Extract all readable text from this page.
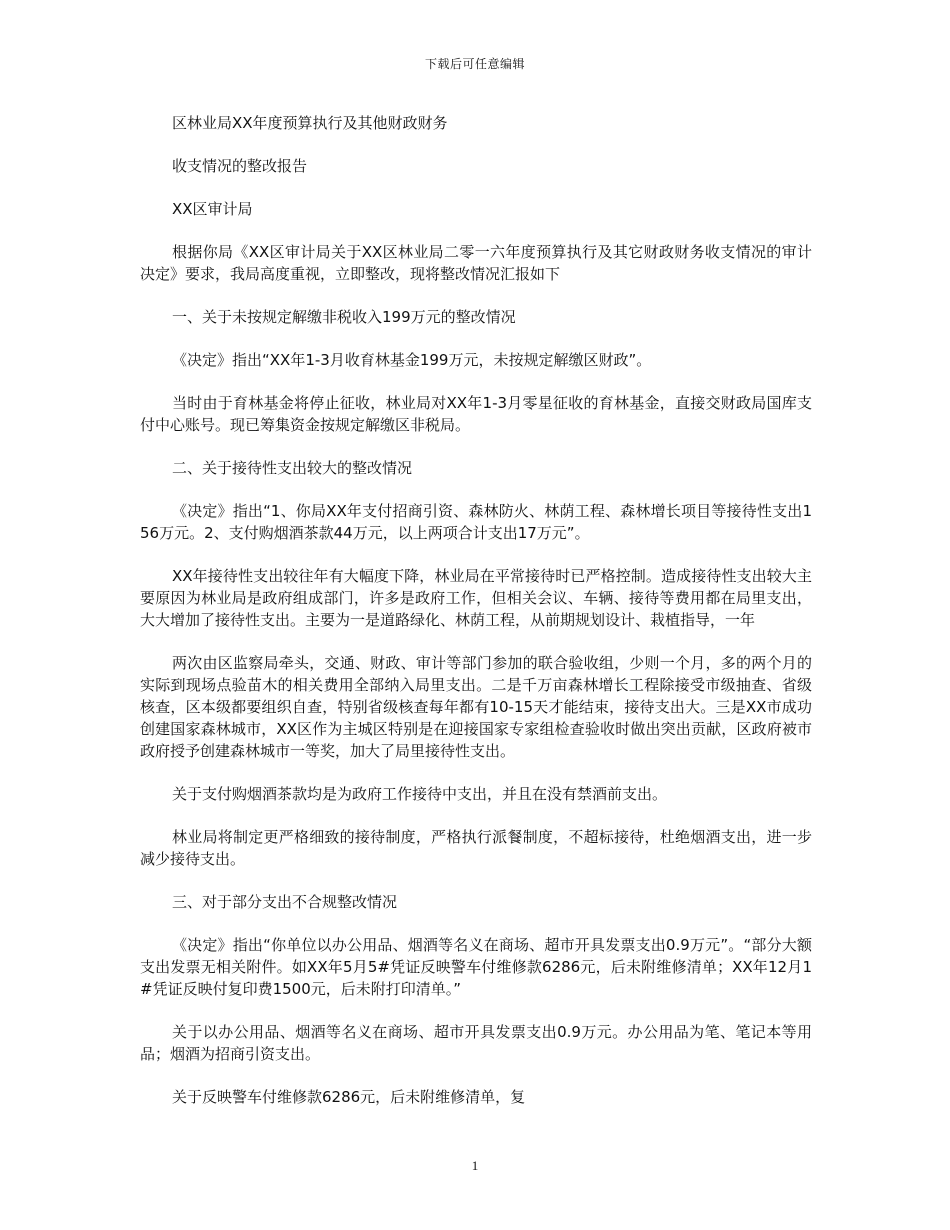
下载后可任意编辑

区林业局XX年度预算执行及其他财政财务

收支情况的整改报告

XX区审计局

根据你局《XX区审计局关于XX区林业局二零一六年度预算执行及其它财政财务收支情况的审计决定》要求，我局高度重视，立即整改，现将整改情况汇报如下

一、关于未按规定解缴非税收入199万元的整改情况

《决定》指出“XX年1-3月收育林基金199万元，未按规定解缴区财政”。

当时由于育林基金将停止征收，林业局对XX年1-3月零星征收的育林基金，直接交财政局国库支付中心账号。现已筹集资金按规定解缴区非税局。

二、关于接待性支出较大的整改情况

《决定》指出“1、你局XX年支付招商引资、森林防火、林荫工程、森林增长项目等接待性支出156万元。2、支付购烟酒茶款44万元，以上两项合计支出17万元”。

XX年接待性支出较往年有大幅度下降，林业局在平常接待时已严格控制。造成接待性支出较大主要原因为林业局是政府组成部门，许多是政府工作，但相关会议、车辆、接待等费用都在局里支出，大大增加了接待性支出。主要为一是道路绿化、林荫工程，从前期规划设计、栽植指导，一年

两次由区监察局牵头，交通、财政、审计等部门参加的联合验收组，少则一个月，多的两个月的实际到现场点验苗木的相关费用全部纳入局里支出。二是千万亩森林增长工程除接受市级抽查、省级核查，区本级都要组织自查，特别省级核查每年都有10-15天才能结束，接待支出大。三是XX市成功创建国家森林城市，XX区作为主城区特别是在迎接国家专家组检查验收时做出突出贡献，区政府被市政府授予创建森林城市一等奖，加大了局里接待性支出。

关于支付购烟酒茶款均是为政府工作接待中支出，并且在没有禁酒前支出。

林业局将制定更严格细致的接待制度，严格执行派餐制度，不超标接待，杜绝烟酒支出，进一步减少接待支出。

三、对于部分支出不合规整改情况

《决定》指出“你单位以办公用品、烟酒等名义在商场、超市开具发票支出0.9万元”。“部分大额支出发票无相关附件。如XX年5月5#凭证反映警车付维修款6286元，后未附维修清单；XX年12月1#凭证反映付复印费1500元，后未附打印清单。”

关于以办公用品、烟酒等名义在商场、超市开具发票支出0.9万元。办公用品为笔、笔记本等用品；烟酒为招商引资支出。

关于反映警车付维修款6286元，后未附维修清单，复

1
